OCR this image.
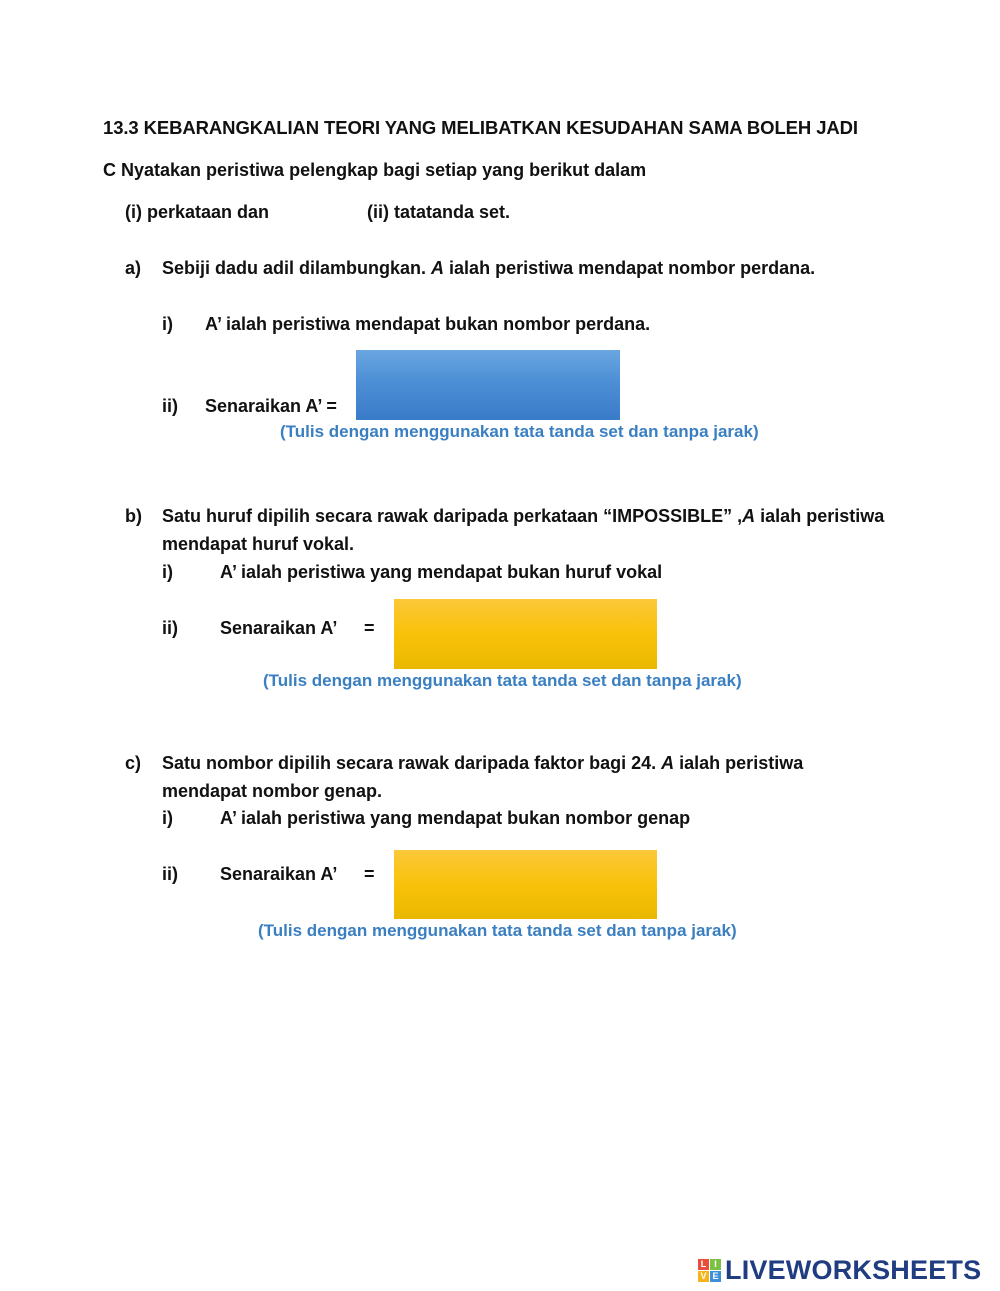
13.3 KEBARANGKALIAN TEORI YANG MELIBATKAN KESUDAHAN SAMA BOLEH JADI
C Nyatakan peristiwa pelengkap bagi setiap yang berikut dalam
(i) perkataan dan	(ii) tatatanda set.
a) Sebiji dadu adil dilambungkan. A ialah peristiwa mendapat nombor perdana.
i) A’ ialah peristiwa mendapat bukan nombor perdana.
ii) Senaraikan A’ =
(Tulis dengan menggunakan tata tanda set dan tanpa jarak)
b) Satu huruf dipilih secara rawak daripada perkataan “IMPOSSIBLE” ,A ialah peristiwa
mendapat huruf vokal.
i)	A’ ialah peristiwa yang mendapat bukan huruf vokal
ii) Senaraikan A’ =
(Tulis dengan menggunakan tata tanda set dan tanpa jarak)
c) Satu nombor dipilih secara rawak daripada faktor bagi 24. A ialah peristiwa
mendapat nombor genap.
i)	A’ ialah peristiwa yang mendapat bukan nombor genap
ii) Senaraikan A’ =
(Tulis dengan menggunakan tata tanda set dan tanpa jarak)
L I
V E LIVEWORKSHEETS
